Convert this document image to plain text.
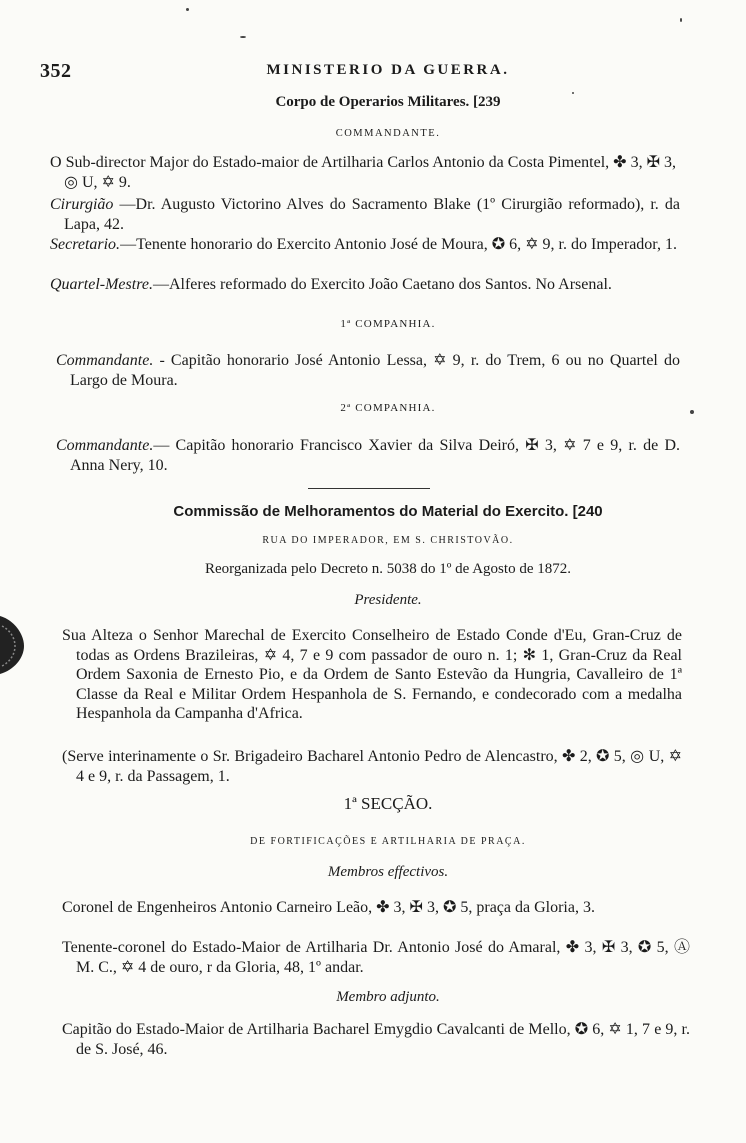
352	MINISTERIO DA GUERRA.
Corpo de Operarios Militares. [239
COMMANDANTE.
O Sub-director Major do Estado-maior de Artilharia Carlos Antonio da Costa Pimentel, ✤ 3, ✠ 3, ◎ U, ✡ 9.
Cirurgião —Dr. Augusto Victorino Alves do Sacramento Blake (1º Cirurgião reformado), r. da Lapa, 42.
Secretario.—Tenente honorario do Exercito Antonio José de Moura, ✪ 6, ✡ 9, r. do Imperador, 1.
Quartel-Mestre.—Alferes reformado do Exercito João Caetano dos Santos. No Arsenal.
1ª COMPANHIA.
Commandante. - Capitão honorario José Antonio Lessa, ✡ 9, r. do Trem, 6 ou no Quartel do Largo de Moura.
2ª COMPANHIA.
Commandante.— Capitão honorario Francisco Xavier da Silva Deiró, ✠ 3, ✡ 7 e 9, r. de D. Anna Nery, 10.
Commissão de Melhoramentos do Material do Exercito. [240
RUA DO IMPERADOR, EM S. CHRISTOVÃO.
Reorganizada pelo Decreto n. 5038 do 1º de Agosto de 1872.
Presidente.
Sua Alteza o Senhor Marechal de Exercito Conselheiro de Estado Conde d'Eu, Gran-Cruz de todas as Ordens Brazileiras, ✡ 4, 7 e 9 com passador de ouro n. 1; ✻ 1, Gran-Cruz da Real Ordem Saxonia de Ernesto Pio, e da Ordem de Santo Estevão da Hungria, Cavalleiro de 1ª Classe da Real e Militar Ordem Hespanhola de S. Fernando, e condecorado com a medalha Hespanhola da Campanha d'Africa.
(Serve interinamente o Sr. Brigadeiro Bacharel Antonio Pedro de Alencastro, ✤ 2, ✪ 5, ◎ U, ✡ 4 e 9, r. da Passagem, 1.
1ª SECÇÃO.
DE FORTIFICAÇÕES E ARTILHARIA DE PRAÇA.
Membros effectivos.
Coronel de Engenheiros Antonio Carneiro Leão, ✤ 3, ✠ 3, ✪ 5, praça da Gloria, 3.
Tenente-coronel do Estado-Maior de Artilharia Dr. Antonio José do Amaral, ✤ 3, ✠ 3, ✪ 5, Ⓐ M. C., ✡ 4 de ouro, r da Gloria, 48, 1º andar.
Membro adjunto.
Capitão do Estado-Maior de Artilharia Bacharel Emygdio Cavalcanti de Mello, ✪ 6, ✡ 1, 7 e 9, r. de S. José, 46.
